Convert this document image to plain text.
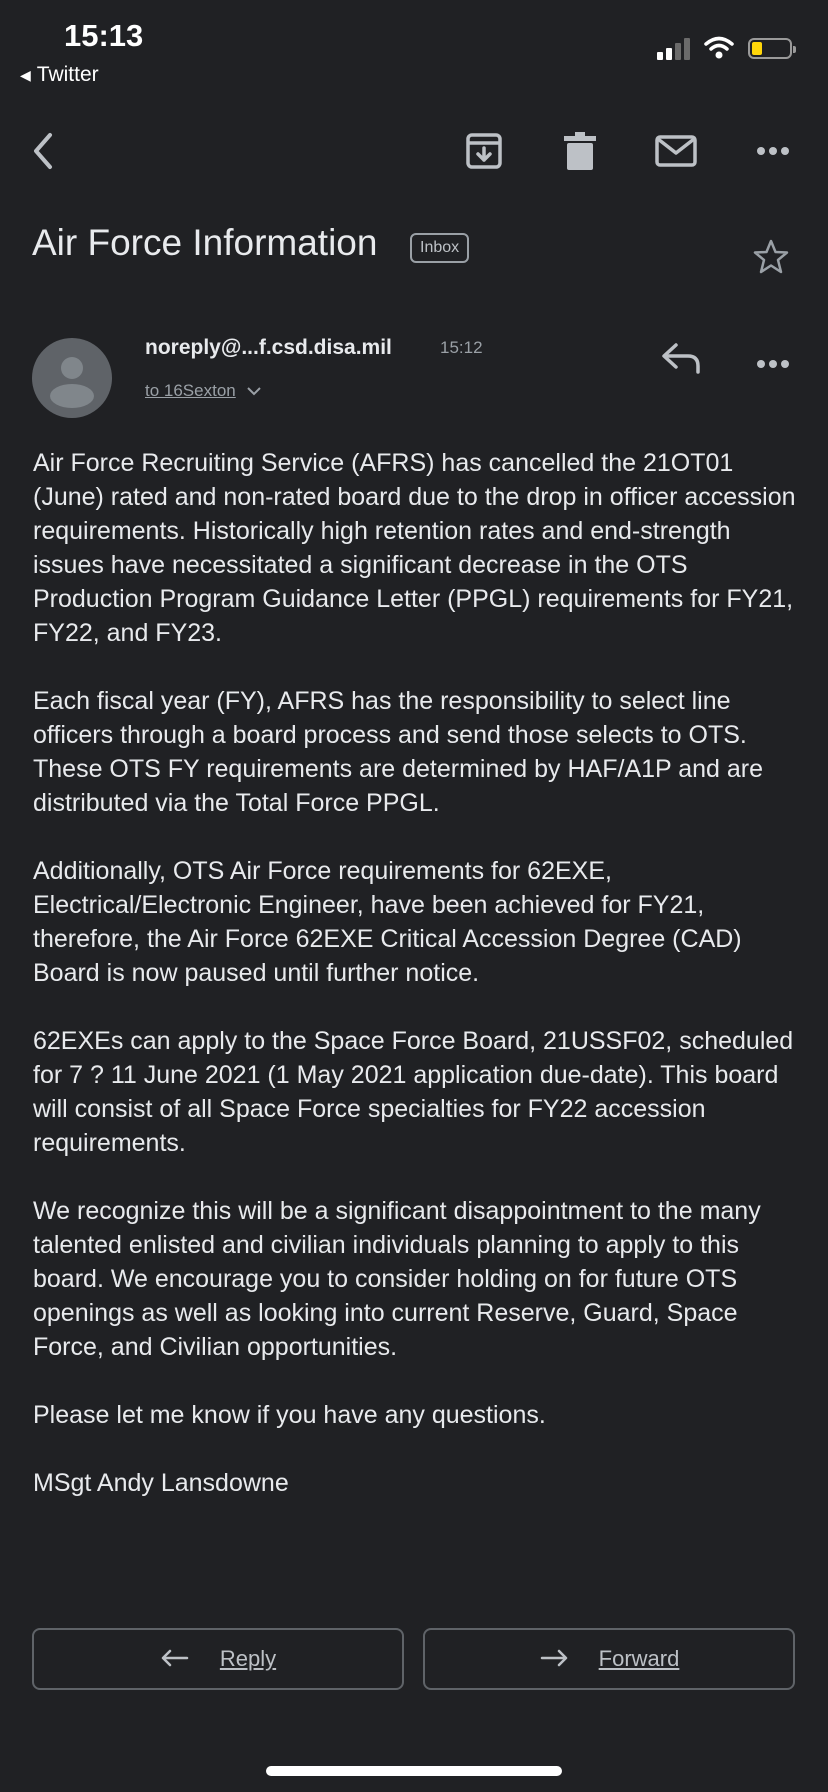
15:13
◀ Twitter
Air Force Information	Inbox
noreply@...f.csd.disa.mil	15:12
to 16Sexton

Air Force Recruiting Service (AFRS) has cancelled the 21OT01 (June) rated and non-rated board due to the drop in officer accession requirements. Historically high retention rates and end-strength issues have necessitated a significant decrease in the OTS Production Program Guidance Letter (PPGL) requirements for FY21, FY22, and FY23.

Each fiscal year (FY), AFRS has the responsibility to select line officers through a board process and send those selects to OTS. These OTS FY requirements are determined by HAF/A1P and are distributed via the Total Force PPGL.

Additionally, OTS Air Force requirements for 62EXE, Electrical/Electronic Engineer, have been achieved for FY21, therefore, the Air Force 62EXE Critical Accession Degree (CAD) Board is now paused until further notice.

62EXEs can apply to the Space Force Board, 21USSF02, scheduled for 7 ? 11 June 2021 (1 May 2021 application due-date). This board will consist of all Space Force specialties for FY22 accession requirements.

We recognize this will be a significant disappointment to the many talented enlisted and civilian individuals planning to apply to this board. We encourage you to consider holding on for future OTS openings as well as looking into current Reserve, Guard, Space Force, and Civilian opportunities.

Please let me know if you have any questions.

MSgt Andy Lansdowne

Reply	Forward
